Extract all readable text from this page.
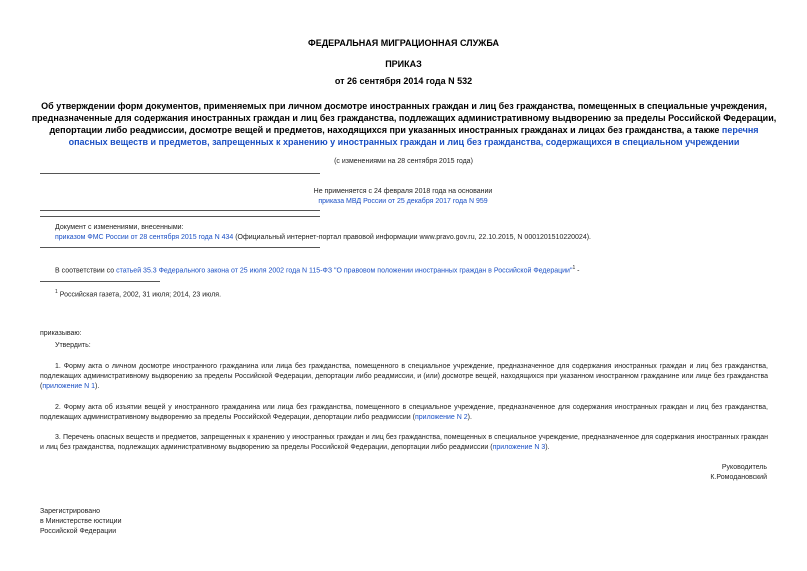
ФЕДЕРАЛЬНАЯ МИГРАЦИОННАЯ СЛУЖБА
ПРИКАЗ
от 26 сентября 2014 года N 532
Об утверждении форм документов, применяемых при личном досмотре иностранных граждан и лиц без гражданства, помещенных в специальные учреждения, предназначенные для содержания иностранных граждан и лиц без гражданства, подлежащих административному выдворению за пределы Российской Федерации, депортации либо реадмиссии, досмотре вещей и предметов, находящихся при указанных иностранных гражданах и лицах без гражданства, а также перечня опасных веществ и предметов, запрещенных к хранению у иностранных граждан и лиц без гражданства, содержащихся в специальном учреждении
(с изменениями на 28 сентября 2015 года)
Не применяется с 24 февраля 2018 года на основании
приказа МВД России от 25 декабря 2017 года N 959
Документ с изменениями, внесенными:
приказом ФМС России от 28 сентября 2015 года N 434 (Официальный интернет-портал правовой информации www.pravo.gov.ru, 22.10.2015, N 0001201510220024).
В соответствии со статьей 35.3 Федерального закона от 25 июля 2002 года N 115-ФЗ "О правовом положении иностранных граждан в Российской Федерации"$^1$ -
$^1$ Российская газета, 2002, 31 июля; 2014, 23 июля.
приказываю:
Утвердить:
1. Форму акта о личном досмотре иностранного гражданина или лица без гражданства, помещенного в специальное учреждение, предназначенное для содержания иностранных граждан и лиц без гражданства, подлежащих административному выдворению за пределы Российской Федерации, депортации либо реадмиссии, и (или) досмотре вещей, находящихся при указанном иностранном гражданине или лице без гражданства (приложение N 1).
2. Форму акта об изъятии вещей у иностранного гражданина или лица без гражданства, помещенного в специальное учреждение, предназначенное для содержания иностранных граждан и лиц без гражданства, подлежащих административному выдворению за пределы Российской Федерации, депортации либо реадмиссии (приложение N 2).
3. Перечень опасных веществ и предметов, запрещенных к хранению у иностранных граждан и лиц без гражданства, помещенных в специальное учреждение, предназначенное для содержания иностранных граждан и лиц без гражданства, подлежащих административному выдворению за пределы Российской Федерации, депортации либо реадмиссии (приложение N 3).
Руководитель
К.Ромодановский
Зарегистрировано
в Министерстве юстиции
Российской Федерации
